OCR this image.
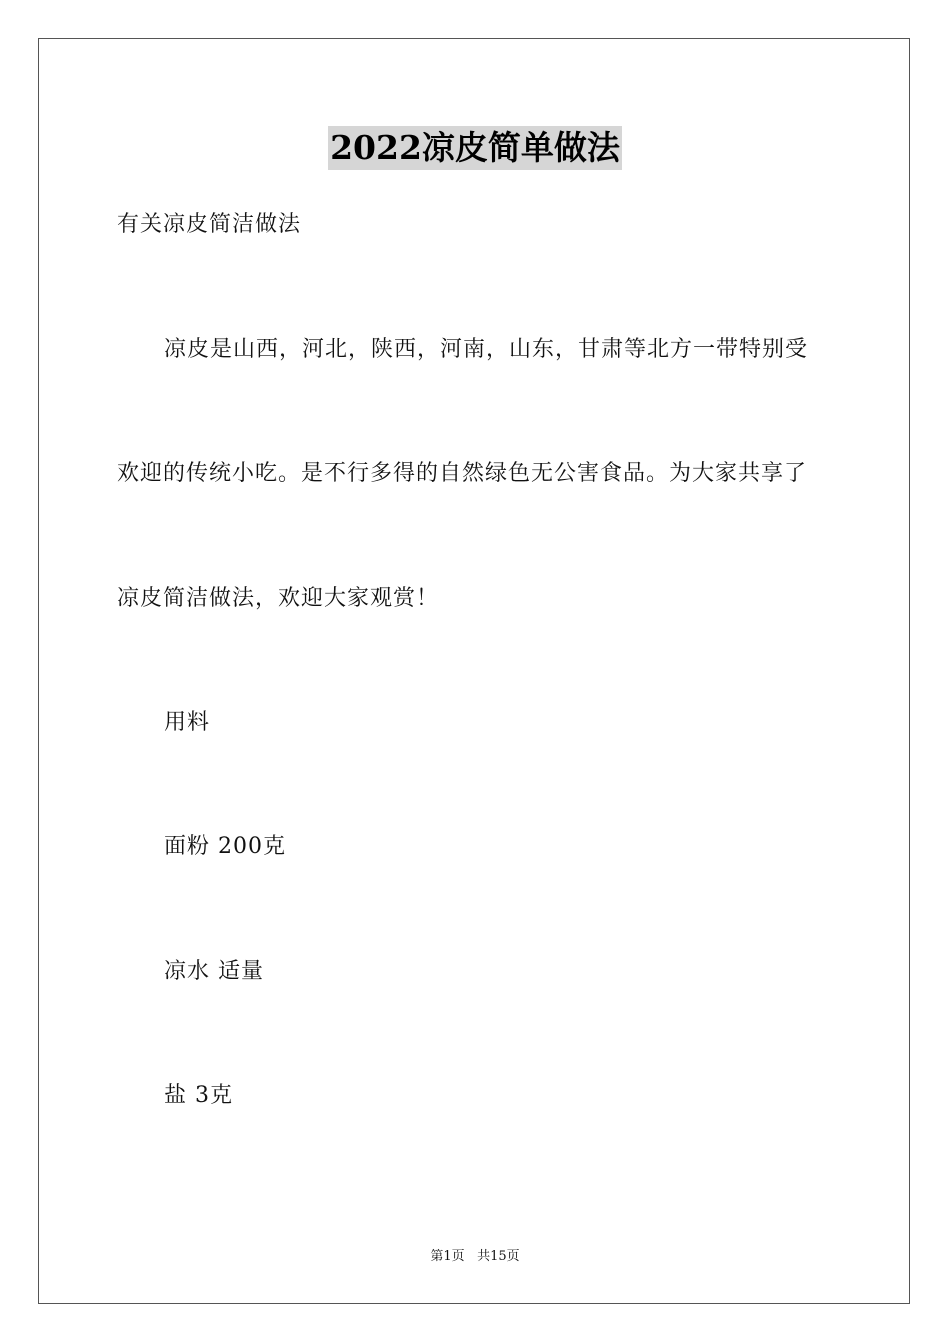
2022凉皮简单做法
有关凉皮简洁做法
凉皮是山西，河北，陕西，河南，山东，甘肃等北方一带特别受
欢迎的传统小吃。是不行多得的自然绿色无公害食品。为大家共享了
凉皮简洁做法，欢迎大家观赏！
用料
面粉 200克
凉水 适量
盐 3克
第1页 共15页
